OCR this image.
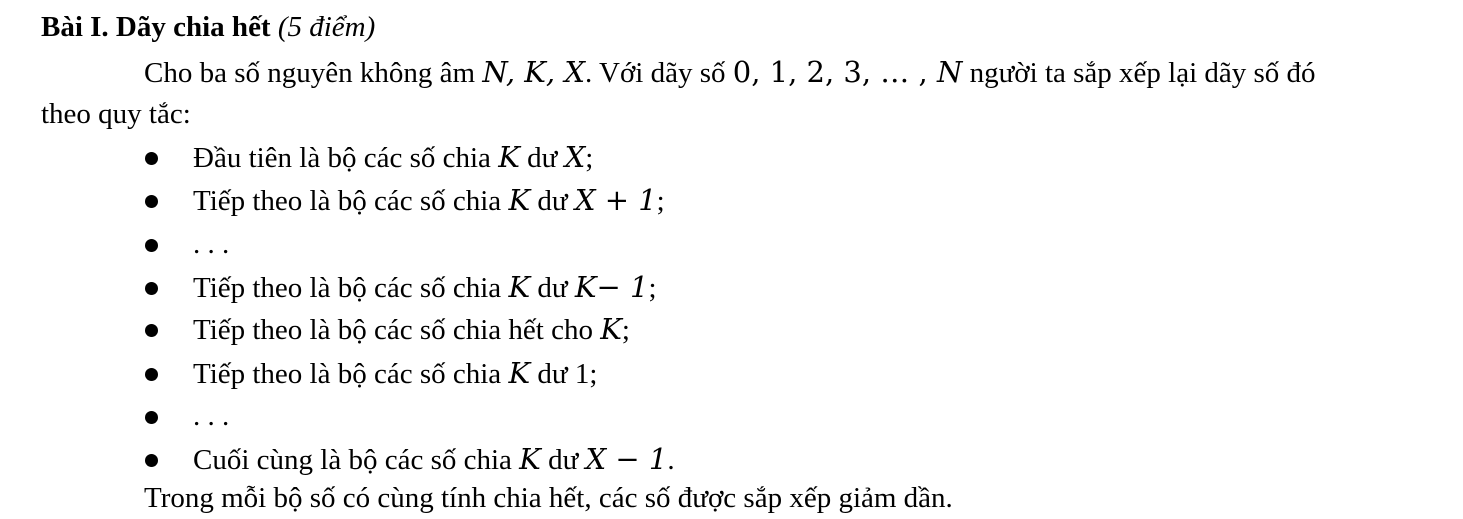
Bài I. Dãy chia hết (5 điểm)
Cho ba số nguyên không âm N, K, X. Với dãy số 0, 1, 2, 3, … , N người ta sắp xếp lại dãy số đó
theo quy tắc:
Đầu tiên là bộ các số chia K dư X;
Tiếp theo là bộ các số chia K dư X + 1;
. . .
Tiếp theo là bộ các số chia K dư K− 1;
Tiếp theo là bộ các số chia hết cho K;
Tiếp theo là bộ các số chia K dư 1;
. . .
Cuối cùng là bộ các số chia K dư X − 1.
Trong mỗi bộ số có cùng tính chia hết, các số được sắp xếp giảm dần.
